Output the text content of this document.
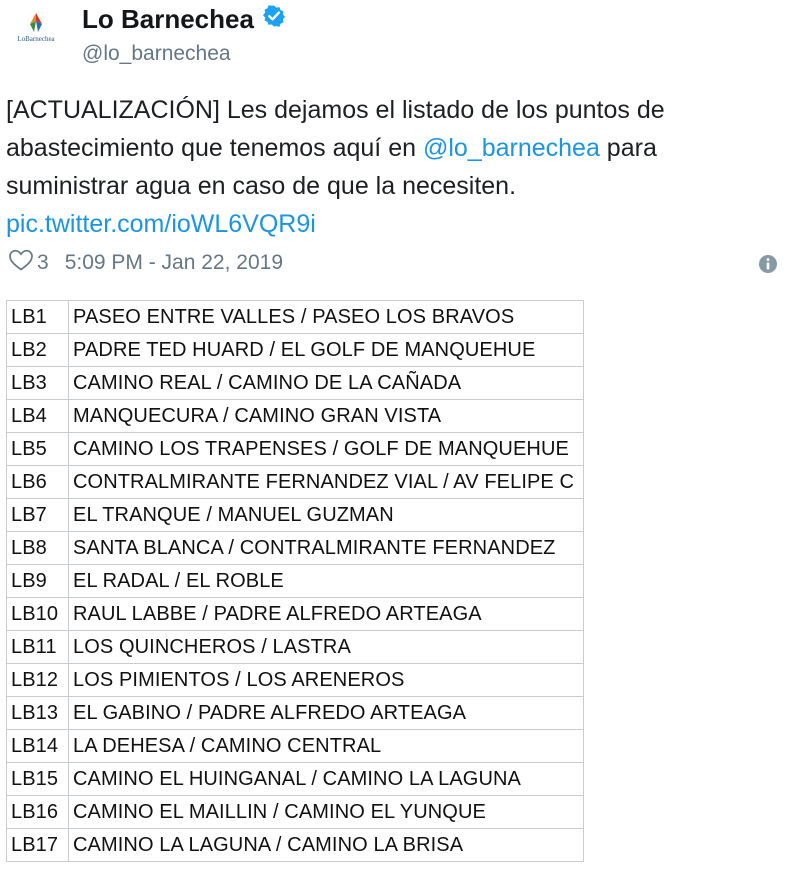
LoBarnechea
Lo Barnechea
@lo_barnechea
[ACTUALIZACIÓN] Les dejamos el listado de los puntos de abastecimiento que tenemos aquí en @lo_barnechea para suministrar agua en caso de que la necesiten.
pic.twitter.com/ioWL6VQR9i
3 5:09 PM - Jan 22, 2019
LB1	PASEO ENTRE VALLES / PASEO LOS BRAVOS
LB2	PADRE TED HUARD / EL GOLF DE MANQUEHUE
LB3	CAMINO REAL / CAMINO DE LA CAÑADA
LB4	MANQUECURA / CAMINO GRAN VISTA
LB5	CAMINO LOS TRAPENSES / GOLF DE MANQUEHUE
LB6	CONTRALMIRANTE FERNANDEZ VIAL / AV FELIPE C
LB7	EL TRANQUE / MANUEL GUZMAN
LB8	SANTA BLANCA / CONTRALMIRANTE FERNANDEZ
LB9	EL RADAL / EL ROBLE
LB10	RAUL LABBE / PADRE ALFREDO ARTEAGA
LB11	LOS QUINCHEROS / LASTRA
LB12	LOS PIMIENTOS / LOS ARENEROS
LB13	EL GABINO / PADRE ALFREDO ARTEAGA
LB14	LA DEHESA / CAMINO CENTRAL
LB15	CAMINO EL HUINGANAL / CAMINO LA LAGUNA
LB16	CAMINO EL MAILLIN / CAMINO EL YUNQUE
LB17	CAMINO LA LAGUNA / CAMINO LA BRISA
